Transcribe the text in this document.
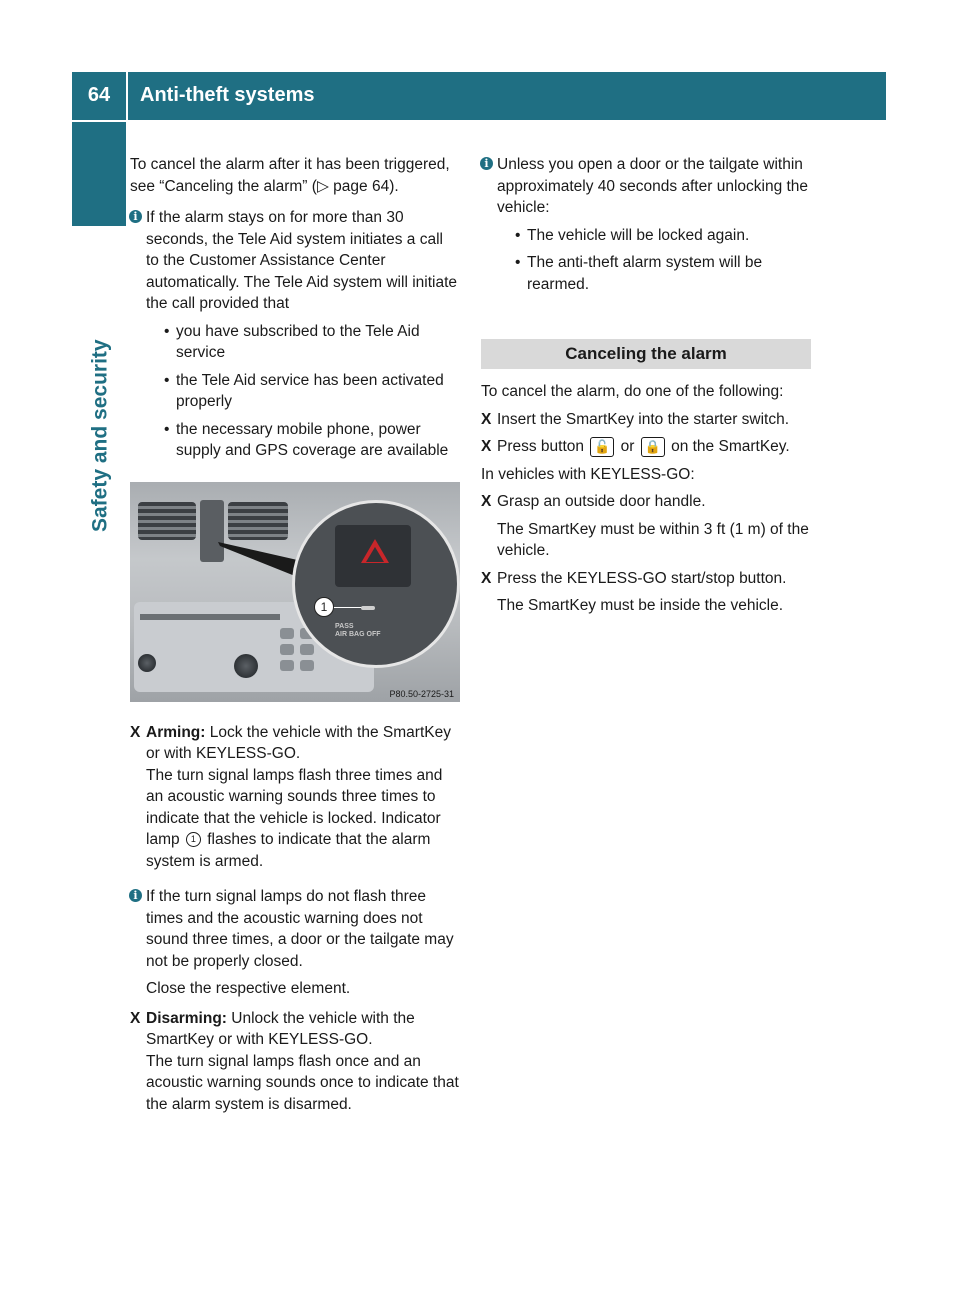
64	Anti-theft systems
Safety and security

To cancel the alarm after it has been triggered, see “Canceling the alarm” (▷ page 64).

i If the alarm stays on for more than 30 seconds, the Tele Aid system initiates a call to the Customer Assistance Center automatically. The Tele Aid system will initiate the call provided that

• you have subscribed to the Tele Aid service
• the Tele Aid service has been activated properly
• the necessary mobile phone, power supply and GPS coverage are available
1
PASS
AIR BAG OFF
P80.50-2725-31
X Arming: Lock the vehicle with the SmartKey or with KEYLESS-GO.

The turn signal lamps flash three times and an acoustic warning sounds three times to indicate that the vehicle is locked. Indicator lamp 1 flashes to indicate that the alarm system is armed.

i If the turn signal lamps do not flash three times and the acoustic warning does not sound three times, a door or the tailgate may not be properly closed.

Close the respective element.

X Disarming: Unlock the vehicle with the SmartKey or with KEYLESS-GO.

The turn signal lamps flash once and an acoustic warning sounds once to indicate that the alarm system is disarmed.

i Unless you open a door or the tailgate within approximately 40 seconds after unlocking the vehicle:

• The vehicle will be locked again.
• The anti-theft alarm system will be rearmed.
Canceling the alarm

To cancel the alarm, do one of the following:

X Insert the SmartKey into the starter switch.

X Press button 🔓 or 🔒 on the SmartKey.

In vehicles with KEYLESS-GO:

X Grasp an outside door handle.

The SmartKey must be within 3 ft (1 m) of the vehicle.

X Press the KEYLESS-GO start/stop button.

The SmartKey must be inside the vehicle.
